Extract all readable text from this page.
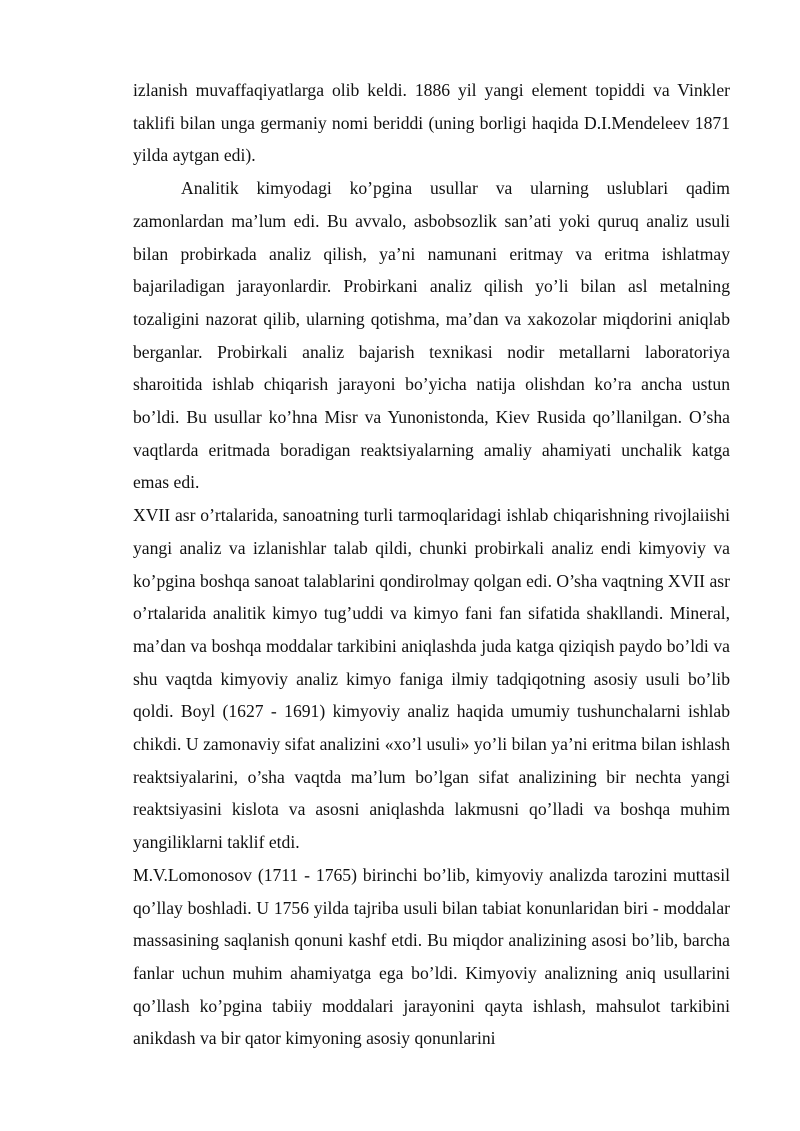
izlanish muvaffaqiyatlarga olib keldi. 1886 yil yangi element topiddi va Vinkler taklifi bilan unga germaniy nomi beriddi (uning borligi haqida D.I.Mendeleev 1871 yilda aytgan edi).

Analitik kimyodagi ko’pgina usullar va ularning uslublari qadim zamonlardan ma’lum edi. Bu avvalo, asbobsozlik san’ati yoki quruq analiz usuli bilan probirkada analiz qilish, ya’ni namunani eritmay va eritma ishlatmay bajariladigan jarayonlardir. Probirkani analiz qilish yo’li bilan asl metalning tozaligini nazorat qilib, ularning qotishma, ma’dan va xakozolar miqdorini aniqlab berganlar. Probirkali analiz bajarish texnikasi nodir metallarni laboratoriya sharoitida ishlab chiqarish jarayoni bo’yicha natija olishdan ko’ra ancha ustun bo’ldi. Bu usullar ko’hna Misr va Yunonistonda, Kiev Rusida qo’llanilgan. O’sha vaqtlarda eritmada boradigan reaktsiyalarning amaliy ahamiyati unchalik katga emas edi.

XVII asr o’rtalarida, sanoatning turli tarmoqlaridagi ishlab chiqarishning rivojlaiishi yangi analiz va izlanishlar talab qildi, chunki probirkali analiz endi kimyoviy va ko’pgina boshqa sanoat talablarini qondirolmay qolgan edi. O’sha vaqtning XVII asr o’rtalarida analitik kimyo tug’uddi va kimyo fani fan sifatida shakllandi. Mineral, ma’dan va boshqa moddalar tarkibini aniqlashda juda katga qiziqish paydo bo’ldi va shu vaqtda kimyoviy analiz kimyo faniga ilmiy tadqiqotning asosiy usuli bo’lib qoldi. Boyl (1627 - 1691) kimyoviy analiz haqida umumiy tushunchalarni ishlab chikdi. U zamonaviy sifat analizini «xo’l usuli» yo’li bilan ya’ni eritma bilan ishlash reaktsiyalarini, o’sha vaqtda ma’lum bo’lgan sifat analizining bir nechta yangi reaktsiyasini kislota va asosni aniqlashda lakmusni qo’lladi va boshqa muhim yangiliklarni taklif etdi.

M.V.Lomonosov (1711 - 1765) birinchi bo’lib, kimyoviy analizda tarozini muttasil qo’llay boshladi. U 1756 yilda tajriba usuli bilan tabiat konunlaridan biri - moddalar massasining saqlanish qonuni kashf etdi. Bu miqdor analizining asosi bo’lib, barcha fanlar uchun muhim ahamiyatga ega bo’ldi. Kimyoviy analizning aniq usullarini qo’llash ko’pgina tabiiy moddalari jarayonini qayta ishlash, mahsulot tarkibini anikdash va bir qator kimyoning asosiy qonunlarini
